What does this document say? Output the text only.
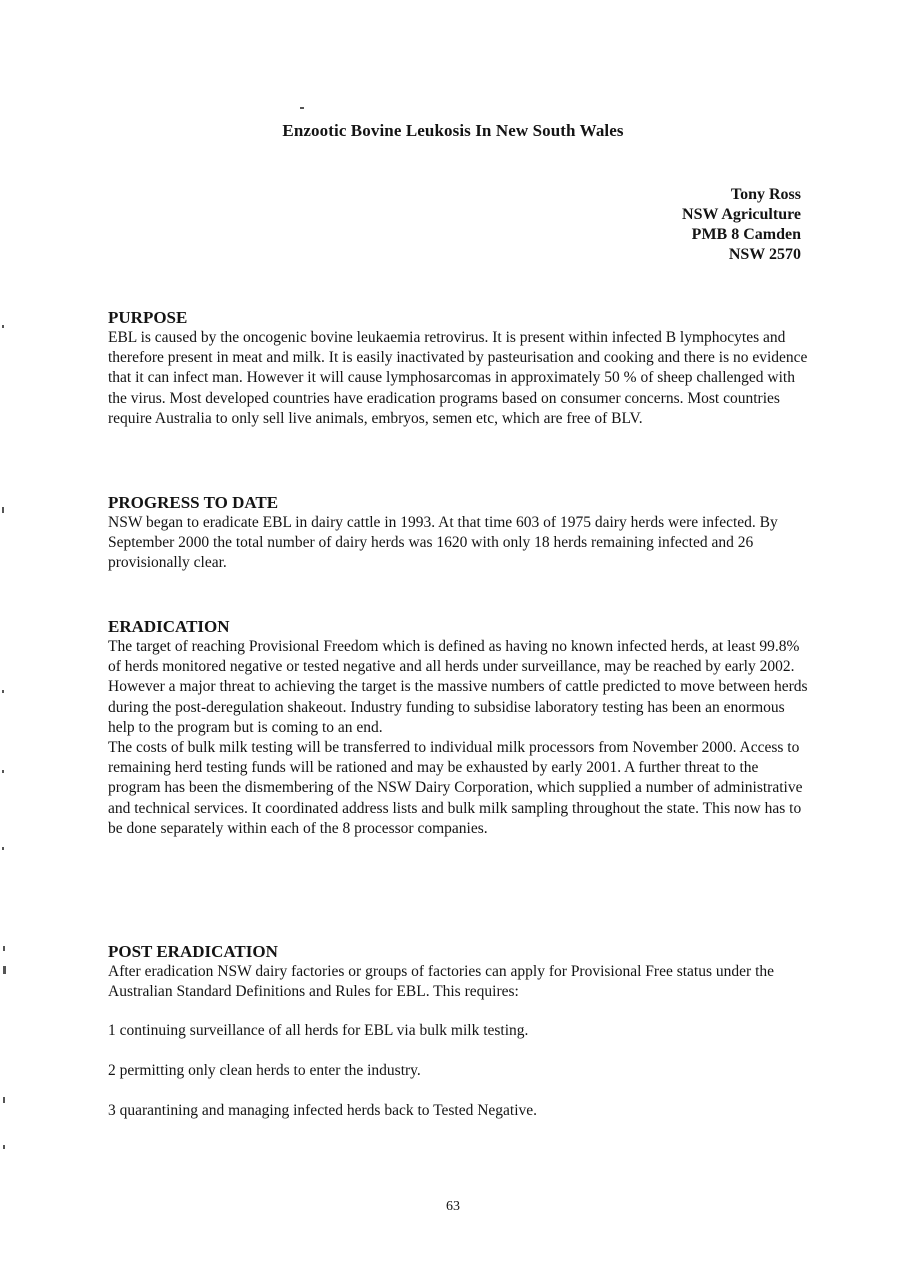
Enzootic Bovine Leukosis In New South Wales
Tony Ross
NSW Agriculture
PMB 8 Camden
NSW 2570
PURPOSE

EBL is caused by the oncogenic bovine leukaemia retrovirus. It is present within infected B lymphocytes and therefore present in meat and milk. It is easily inactivated by pasteurisation and cooking and there is no evidence that it can infect man. However it will cause lymphosarcomas in approximately 50 % of sheep challenged with the virus. Most developed countries have eradication programs based on consumer concerns. Most countries require Australia to only sell live animals, embryos, semen etc, which are free of BLV.

PROGRESS TO DATE

NSW began to eradicate EBL in dairy cattle in 1993. At that time 603 of 1975 dairy herds were infected. By September 2000 the total number of dairy herds was 1620 with only 18 herds remaining infected and 26 provisionally clear.

ERADICATION

The target of reaching Provisional Freedom which is defined as having no known infected herds, at least 99.8% of herds monitored negative or tested negative and all herds under surveillance, may be reached by early 2002. However a major threat to achieving the target is the massive numbers of cattle predicted to move between herds during the post-deregulation shakeout. Industry funding to subsidise laboratory testing has been an enormous help to the program but is coming to an end.

The costs of bulk milk testing will be transferred to individual milk processors from November 2000. Access to remaining herd testing funds will be rationed and may be exhausted by early 2001. A further threat to the program has been the dismembering of the NSW Dairy Corporation, which supplied a number of administrative and technical services. It coordinated address lists and bulk milk sampling throughout the state. This now has to be done separately within each of the 8 processor companies.

POST ERADICATION

After eradication NSW dairy factories or groups of factories can apply for Provisional Free status under the Australian Standard Definitions and Rules for EBL. This requires:

1 continuing surveillance of all herds for EBL via bulk milk testing.

2 permitting only clean herds to enter the industry.

3 quarantining and managing infected herds back to Tested Negative.

63
